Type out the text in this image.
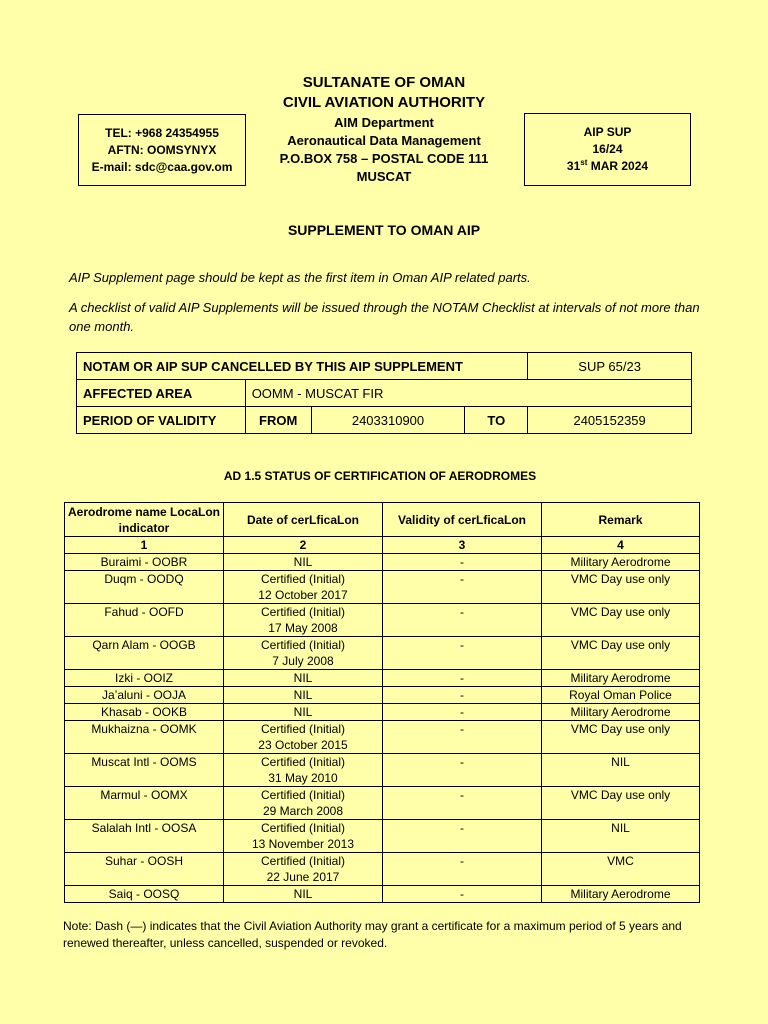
SULTANATE OF OMAN
CIVIL AVIATION AUTHORITY
AIM Department
Aeronautical Data Management
P.O.BOX 758 – POSTAL CODE 111
MUSCAT
TEL: +968 24354955
AFTN: OOMSYNYX
E-mail: sdc@caa.gov.om
AIP SUP
16/24
31st MAR 2024
SUPPLEMENT TO OMAN AIP
AIP Supplement page should be kept as the first item in Oman AIP related parts.
A checklist of valid AIP Supplements will be issued through the NOTAM Checklist at intervals of not more than one month.
NOTAM OR AIP SUP CANCELLED BY THIS AIP SUPPLEMENT				SUP 65/23
AFFECTED AREA	OOMM - MUSCAT FIR			
PERIOD OF VALIDITY	FROM	2403310900	TO	2405152359
AD 1.5 STATUS OF CERTIFICATION OF AERODROMES
Aerodrome name LocaLon indicator	Date of cerLficaLon	Validity of cerLficaLon	Remark
1	2	3	4

Buraimi - OOBR	NIL	-	Military Aerodrome

Duqm - OODQ	Certified (Initial)
12 October 2017	-	VMC Day use only

Fahud - OOFD	Certified (Initial)
17 May 2008	-	VMC Day use only

Qarn Alam - OOGB	Certified (Initial)
7 July 2008	-	VMC Day use only

Izki - OOIZ	NIL	-	Military Aerodrome

Ja’aluni - OOJA	NIL	-	Royal Oman Police

Khasab - OOKB	NIL	-	Military Aerodrome

Mukhaizna - OOMK	Certified (Initial)
23 October 2015	-	VMC Day use only

Muscat Intl - OOMS	Certified (Initial)
31 May 2010	-	NIL

Marmul - OOMX	Certified (Initial)
29 March 2008	-	VMC Day use only

Salalah Intl - OOSA	Certified (Initial)
13 November 2013	-	NIL

Suhar - OOSH	Certified (Initial)
22 June 2017	-	VMC

Saiq - OOSQ	NIL	-	Military Aerodrome
Note: Dash (—) indicates that the Civil Aviation Authority may grant a certificate for a maximum period of 5 years and renewed thereafter, unless cancelled, suspended or revoked.
